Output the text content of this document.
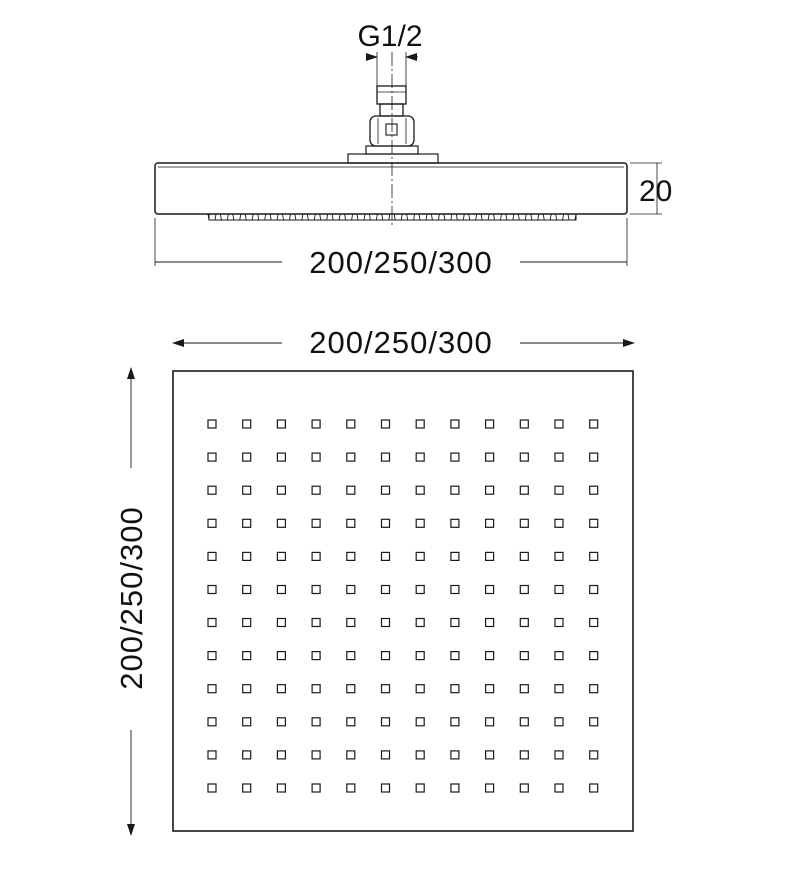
G1/2
20
200/250/300
200/250/300
200/250/300
